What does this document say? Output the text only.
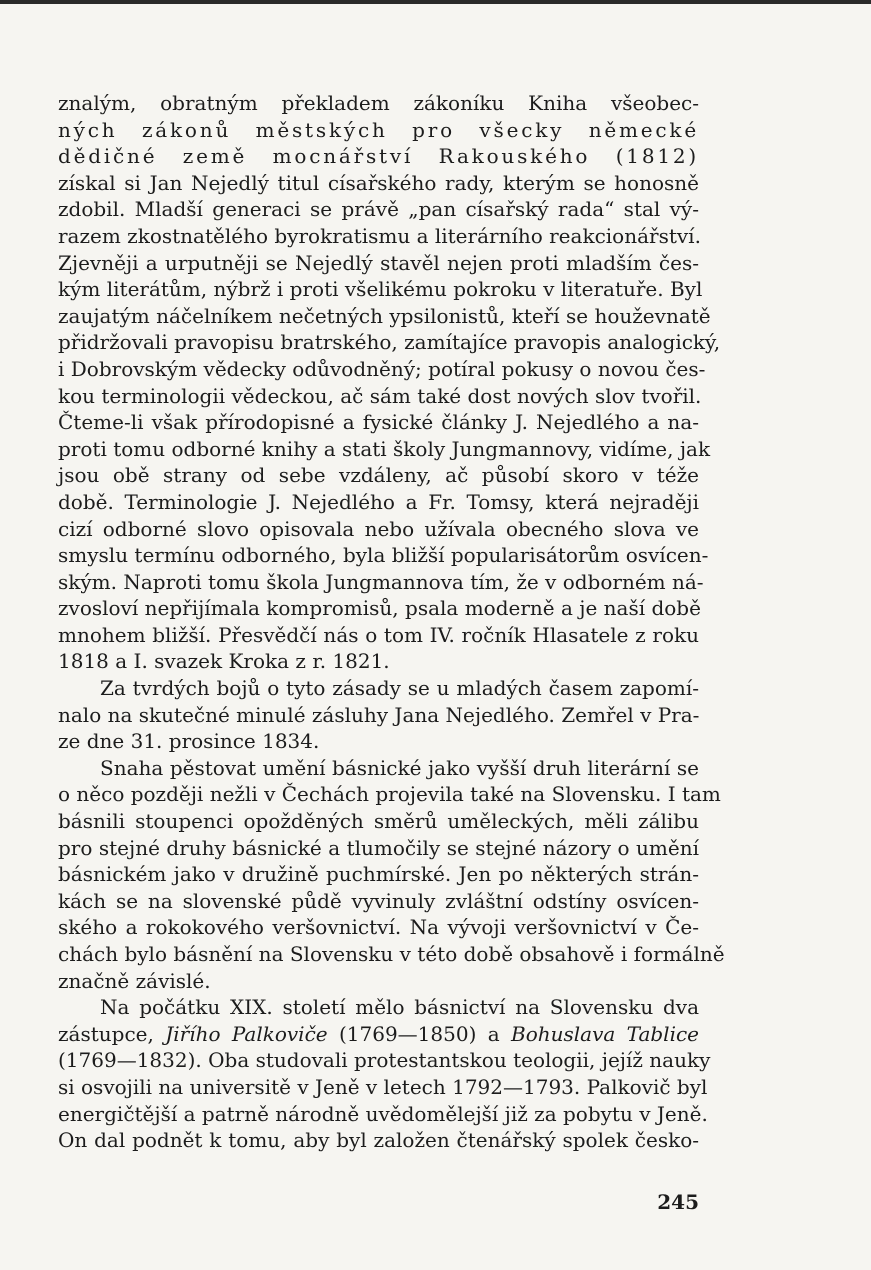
znalým, obratným překladem zákoníku Kniha všeobec-
ných zákonů městských pro všecky německé
dědičné země mocnářství Rakouského (1812)
získal si Jan Nejedlý titul císařského rady, kterým se honosně
zdobil. Mladší generaci se právě „pan císařský rada“ stal vý-
razem zkostnatělého byrokratismu a literárního reakcionářství.
Zjevněji a urputněji se Nejedlý stavěl nejen proti mladším čes-
kým literátům, nýbrž i proti všelikému pokroku v literatuře. Byl
zaujatým náčelníkem nečetných ypsilonistů, kteří se houževnatě
přidržovali pravopisu bratrského, zamítajíce pravopis analogický,
i Dobrovským vědecky odůvodněný; potíral pokusy o novou čes-
kou terminologii vědeckou, ač sám také dost nových slov tvořil.
Čteme-li však přírodopisné a fysické články J. Nejedlého a na-
proti tomu odborné knihy a stati školy Jungmannovy, vidíme, jak
jsou obě strany od sebe vzdáleny, ač působí skoro v téže
době. Terminologie J. Nejedlého a Fr. Tomsy, která nejraději
cizí odborné slovo opisovala nebo užívala obecného slova ve
smyslu termínu odborného, byla bližší popularisátorům osvícen-
ským. Naproti tomu škola Jungmannova tím, že v odborném ná-
zvosloví nepřijímala kompromisů, psala moderně a je naší době
mnohem bližší. Přesvědčí nás o tom IV. ročník Hlasatele z roku
1818 a I. svazek Kroka z r. 1821.
Za tvrdých bojů o tyto zásady se u mladých časem zapomí-
nalo na skutečné minulé zásluhy Jana Nejedlého. Zemřel v Pra-
ze dne 31. prosince 1834.
Snaha pěstovat umění básnické jako vyšší druh literární se
o něco později nežli v Čechách projevila také na Slovensku. I tam
básnili stoupenci opožděných směrů uměleckých, měli zálibu
pro stejné druhy básnické a tlumočily se stejné názory o umění
básnickém jako v družině puchmírské. Jen po některých strán-
kách se na slovenské půdě vyvinuly zvláštní odstíny osvícen-
ského a rokokového veršovnictví. Na vývoji veršovnictví v Če-
chách bylo básnění na Slovensku v této době obsahově i formálně
značně závislé.
Na počátku XIX. století mělo básnictví na Slovensku dva
zástupce, Jiřího Palkoviče (1769—1850) a Bohuslava Tablice
(1769—1832). Oba studovali protestantskou teologii, jejíž nauky
si osvojili na universitě v Jeně v letech 1792—1793. Palkovič byl
energičtější a patrně národně uvědomělejší již za pobytu v Jeně.
On dal podnět k tomu, aby byl založen čtenářský spolek česko-
245
